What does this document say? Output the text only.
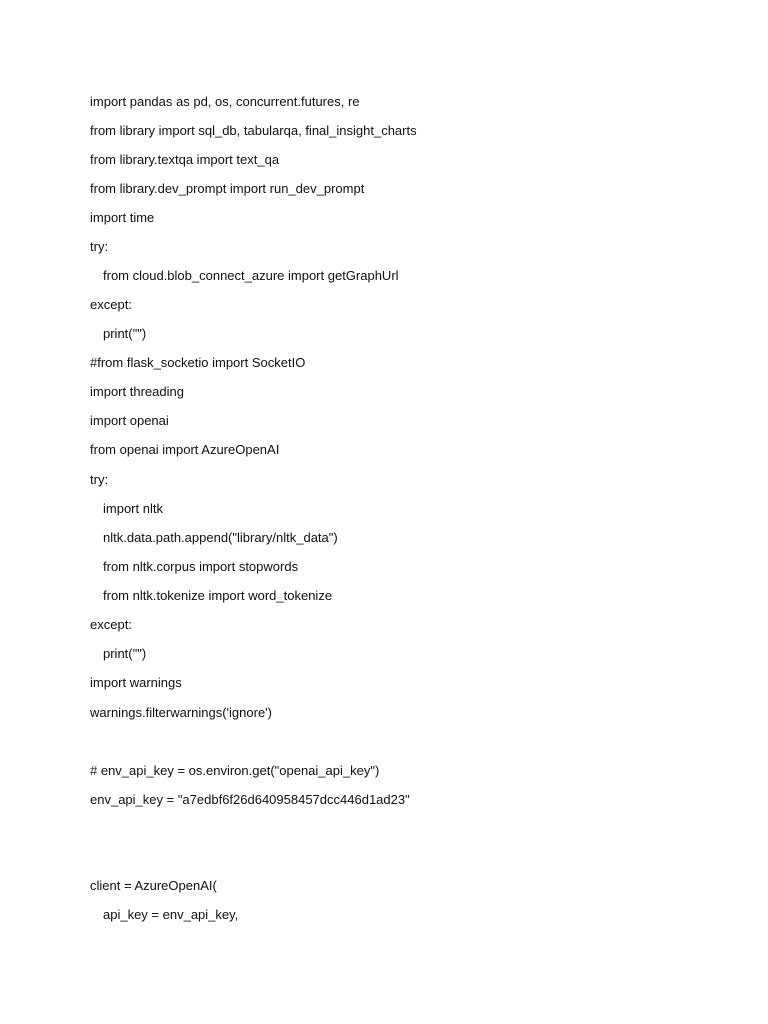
import pandas as pd, os, concurrent.futures, re
from library import sql_db, tabularqa, final_insight_charts
from library.textqa import text_qa
from library.dev_prompt import run_dev_prompt
import time
try:
from cloud.blob_connect_azure import getGraphUrl
except:
print("")
#from flask_socketio import SocketIO
import threading
import openai
from openai import AzureOpenAI
try:
import nltk
nltk.data.path.append("library/nltk_data")
from nltk.corpus import stopwords
from nltk.tokenize import word_tokenize
except:
print("")
import warnings
warnings.filterwarnings('ignore')
# env_api_key = os.environ.get("openai_api_key")
env_api_key = "a7edbf6f26d640958457dcc446d1ad23"
client = AzureOpenAI(
api_key = env_api_key,
